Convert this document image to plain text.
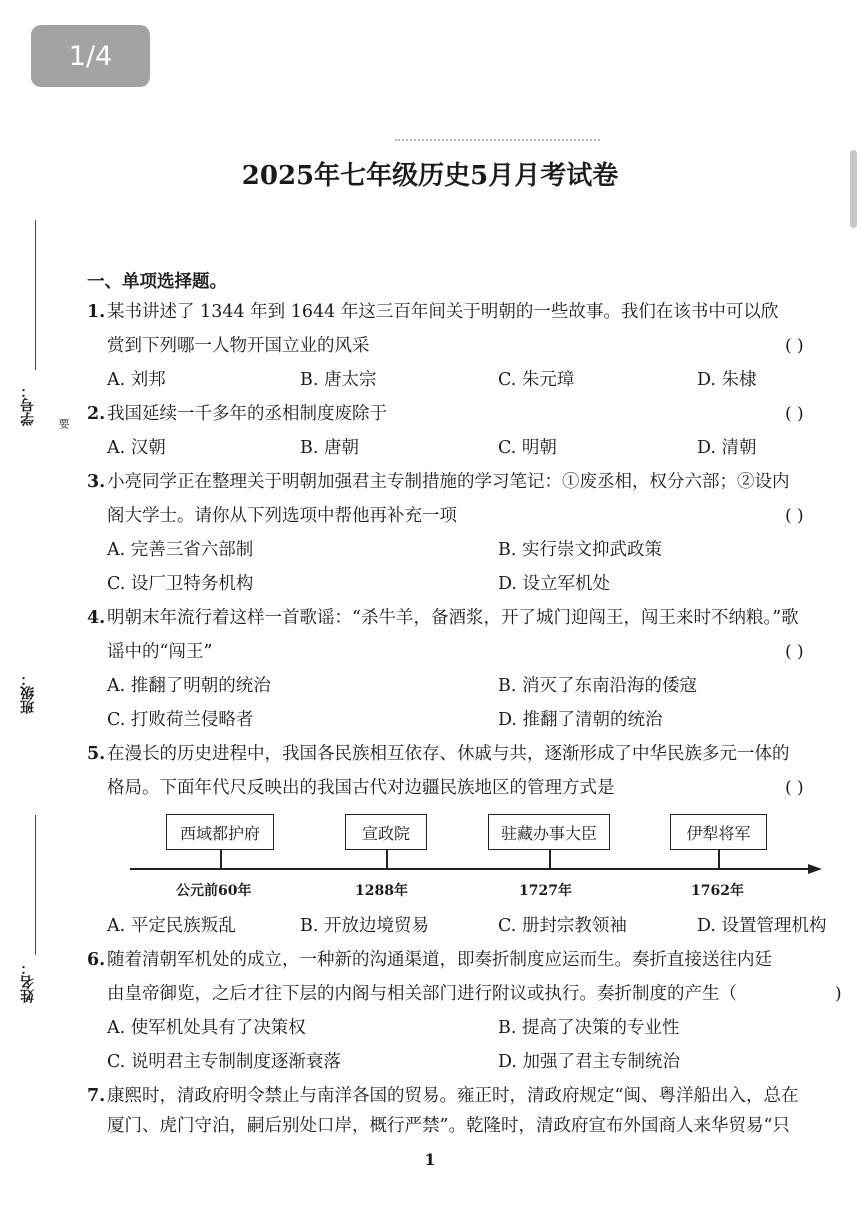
1/4
2025年七年级历史5月月考试卷
学号：	要
班级：
姓名：
一、单项选择题。
1. 某书讲述了 1344 年到 1644 年这三百年间关于明朝的一些故事。我们在该书中可以欣
赏到下列哪一人物开国立业的风采	( )
A. 刘邦	B. 唐太宗	C. 朱元璋	D. 朱棣
2. 我国延续一千多年的丞相制度废除于	( )
A. 汉朝	B. 唐朝	C. 明朝	D. 清朝
3. 小亮同学正在整理关于明朝加强君主专制措施的学习笔记：①废丞相，权分六部；②设内
阁大学士。请你从下列选项中帮他再补充一项	( )
A. 完善三省六部制	B. 实行崇文抑武政策
C. 设厂卫特务机构	D. 设立军机处
4. 明朝末年流行着这样一首歌谣：“杀牛羊，备酒浆，开了城门迎闯王，闯王来时不纳粮。”歌
谣中的“闯王”	( )
A. 推翻了明朝的统治	B. 消灭了东南沿海的倭寇
C. 打败荷兰侵略者	D. 推翻了清朝的统治
5. 在漫长的历史进程中，我国各民族相互依存、休戚与共，逐渐形成了中华民族多元一体的
格局。下面年代尺反映出的我国古代对边疆民族地区的管理方式是	( )
西域都护府	宣政院	驻藏办事大臣	伊犁将军
公元前60年	1288年	1727年	1762年
A. 平定民族叛乱	B. 开放边境贸易	C. 册封宗教领袖	D. 设置管理机构
6. 随着清朝军机处的成立，一种新的沟通渠道，即奏折制度应运而生。奏折直接送往内廷
由皇帝御览，之后才往下层的内阁与相关部门进行附议或执行。奏折制度的产生（	)
A. 使军机处具有了决策权	B. 提高了决策的专业性
C. 说明君主专制制度逐渐衰落	D. 加强了君主专制统治
7. 康熙时，清政府明令禁止与南洋各国的贸易。雍正时，清政府规定“闽、粤洋船出入，总在
厦门、虎门守泊，嗣后别处口岸，概行严禁”。乾隆时，清政府宣布外国商人来华贸易“只
1
